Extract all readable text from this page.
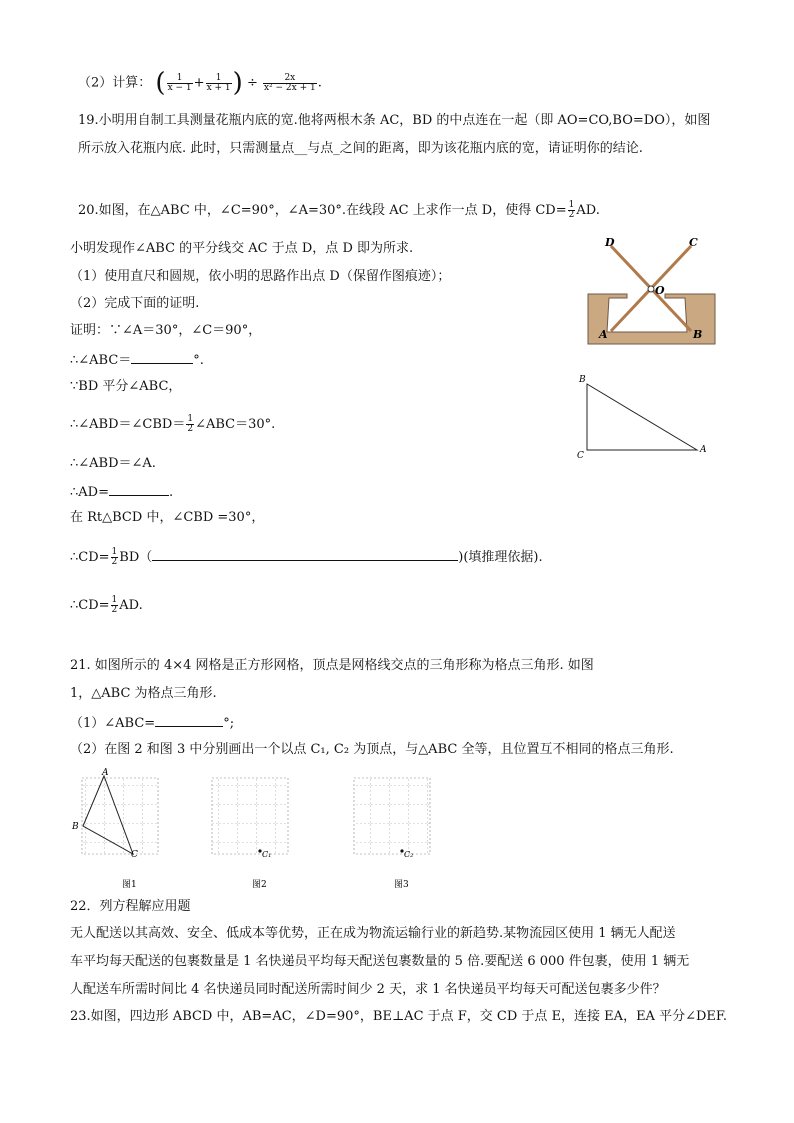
（2）计算： ( $\frac{1}{x - 1} + \frac{1}{x + 1}$ ) ÷ $\frac{2x}{\text{x² − 2x + 1}}$ .
19.小明用自制工具测量花瓶内底的宽.他将两根木条 AC，BD 的中点连在一起（即 AO=CO,BO=DO），如图
所示放入花瓶内底. 此时，只需测量点__与点_之间的距离，即为该花瓶内底的宽，请证明你的结论.
20.如图，在△ABC 中，∠C=90°，∠A=30°.在线段 AC 上求作一点 D，使得 $CD= \frac{1}{2}$ AD.
小明发现作∠ABC 的平分线交 AC 于点 D，点 D 即为所求.
（1）使用直尺和圆规，依小明的思路作出点 D（保留作图痕迹）；
（2）完成下面的证明.
证明：∵∠A＝30°，∠C＝90°，
∴∠ABC＝	°.
∵BD 平分∠ABC，
∴∠ABD＝∠CBD＝ $\frac{1}{2}$ ∠ABC＝30°.
∴∠ABD＝∠A.
∴AD=	.
在 Rt△BCD 中，∠CBD =30°，
∴CD= $\frac{1}{2} BD$（	)(填推理依据).
∴CD= $\frac{1}{2}$ AD.
D	C
O
A	B
B
C
A
21. 如图所示的 4×4 网格是正方形网格，顶点是网格线交点的三角形称为格点三角形. 如图
1，△ABC 为格点三角形.
（1）∠ABC=	°;
（2）在图 2 和图 3 中分别画出一个以点 C₁, C₂ 为顶点，与△ABC 全等，且位置互不相同的格点三角形.
A
B
C
图1
C₁
图2
C₂
图3
22．列方程解应用题
无人配送以其高效、安全、低成本等优势，正在成为物流运输行业的新趋势.某物流园区使用 1 辆无人配送
车平均每天配送的包裹数量是 1 名快递员平均每天配送包裹数量的 5 倍.要配送 6 000 件包裹，使用 1 辆无
人配送车所需时间比 4 名快递员同时配送所需时间少 2 天，求 1 名快递员平均每天可配送包裹多少件？
23.如图，四边形 ABCD 中，AB=AC，∠D=90°，BE⊥AC 于点 F，交 CD 于点 E，连接 EA，EA 平分∠DEF.
